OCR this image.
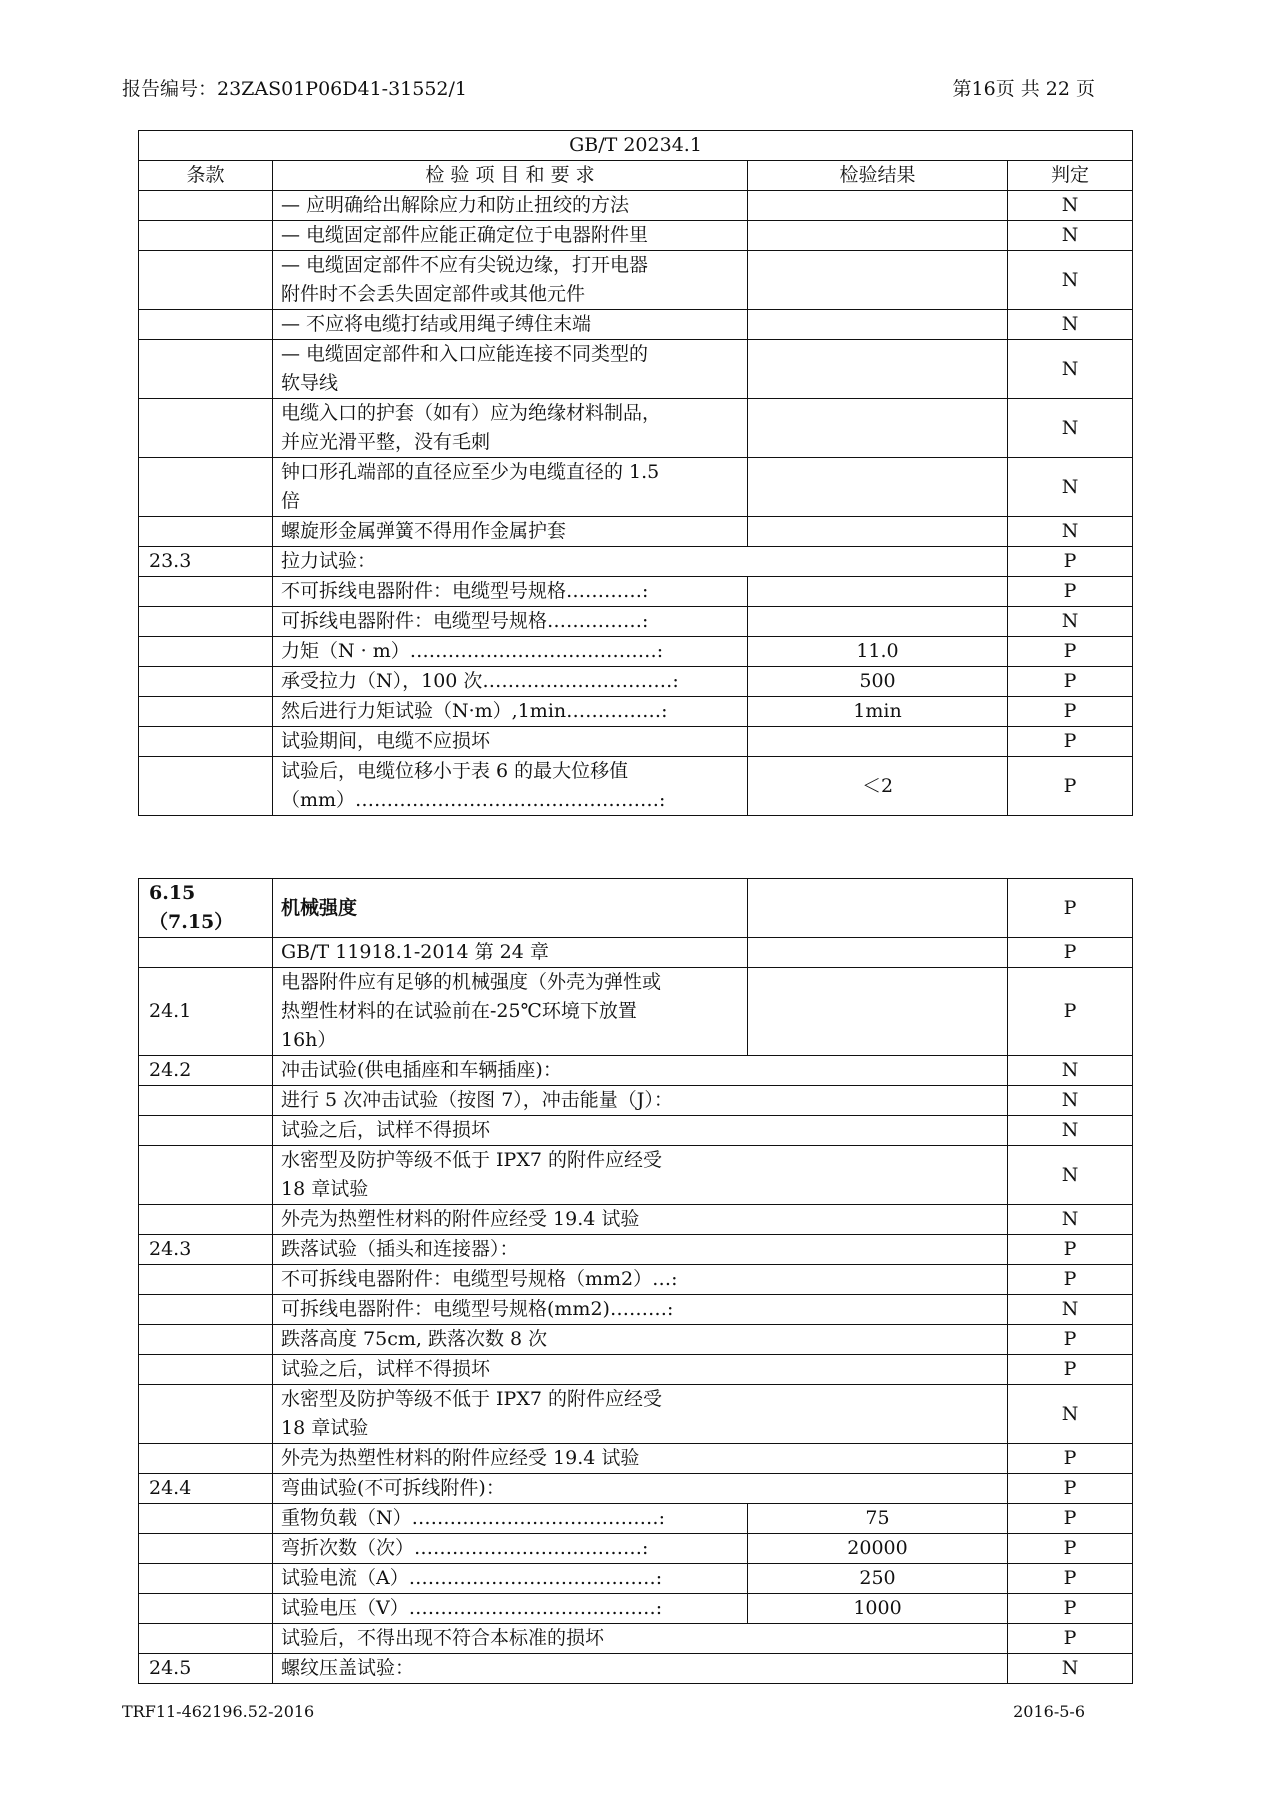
报告编号：23ZAS01P06D41-31552/1	第16页 共 22 页
GB/T 20234.1			
条款	检 验 项 目 和 要 求	检验结果	判定

	— 应明确给出解除应力和防止扭绞的方法		N

	— 电缆固定部件应能正确定位于电器附件里		N

	— 电缆固定部件不应有尖锐边缘，打开电器
附件时不会丢失固定部件或其他元件		N

	— 不应将电缆打结或用绳子缚住末端		N

	— 电缆固定部件和入口应能连接不同类型的
软导线		N

	电缆入口的护套（如有）应为绝缘材料制品，
并应光滑平整，没有毛刺		N

	钟口形孔端部的直径应至少为电缆直径的 1.5
倍		N

	螺旋形金属弹簧不得用作金属护套		N
23.3	拉力试验：		P

	不可拆线电器附件：电缆型号规格…………:		P

	可拆线电器附件：电缆型号规格……………:		N

	力矩（N · m）…………………………………:	11.0	P

	承受拉力（N），100 次…………………………:	500	P

	然后进行力矩试验（N·m）,1min……………:	1min	P

	试验期间，电缆不应损坏		P

	试验后，电缆位移小于表 6 的最大位移值
（mm）…………………………………………:	＜2	P
6.15（7.15）	机械强度		P

	GB/T 11918.1-2014 第 24 章		P
24.1	电器附件应有足够的机械强度（外壳为弹性或
热塑性材料的在试验前在-25℃环境下放置
16h）		P
24.2	冲击试验(供电插座和车辆插座)：		N

	进行 5 次冲击试验（按图 7），冲击能量（J）：		N

	试验之后，试样不得损坏		N

	水密型及防护等级不低于 IPX7 的附件应经受
18 章试验		N

	外壳为热塑性材料的附件应经受 19.4 试验		N
24.3	跌落试验（插头和连接器）：		P

	不可拆线电器附件：电缆型号规格（mm2）…:		P

	可拆线电器附件：电缆型号规格(mm2)………:		N

	跌落高度 75cm, 跌落次数 8 次		P

	试验之后，试样不得损坏		P

	水密型及防护等级不低于 IPX7 的附件应经受
18 章试验		N

	外壳为热塑性材料的附件应经受 19.4 试验		P
24.4	弯曲试验(不可拆线附件)：		P

	重物负载（N）…………………………………:	75	P

	弯折次数（次）………………………………:	20000	P

	试验电流（A）…………………………………:	250	P

	试验电压（V）…………………………………:	1000	P

	试验后，不得出现不符合本标准的损坏		P
24.5	螺纹压盖试验：		N
TRF11-462196.52-2016	2016-5-6
